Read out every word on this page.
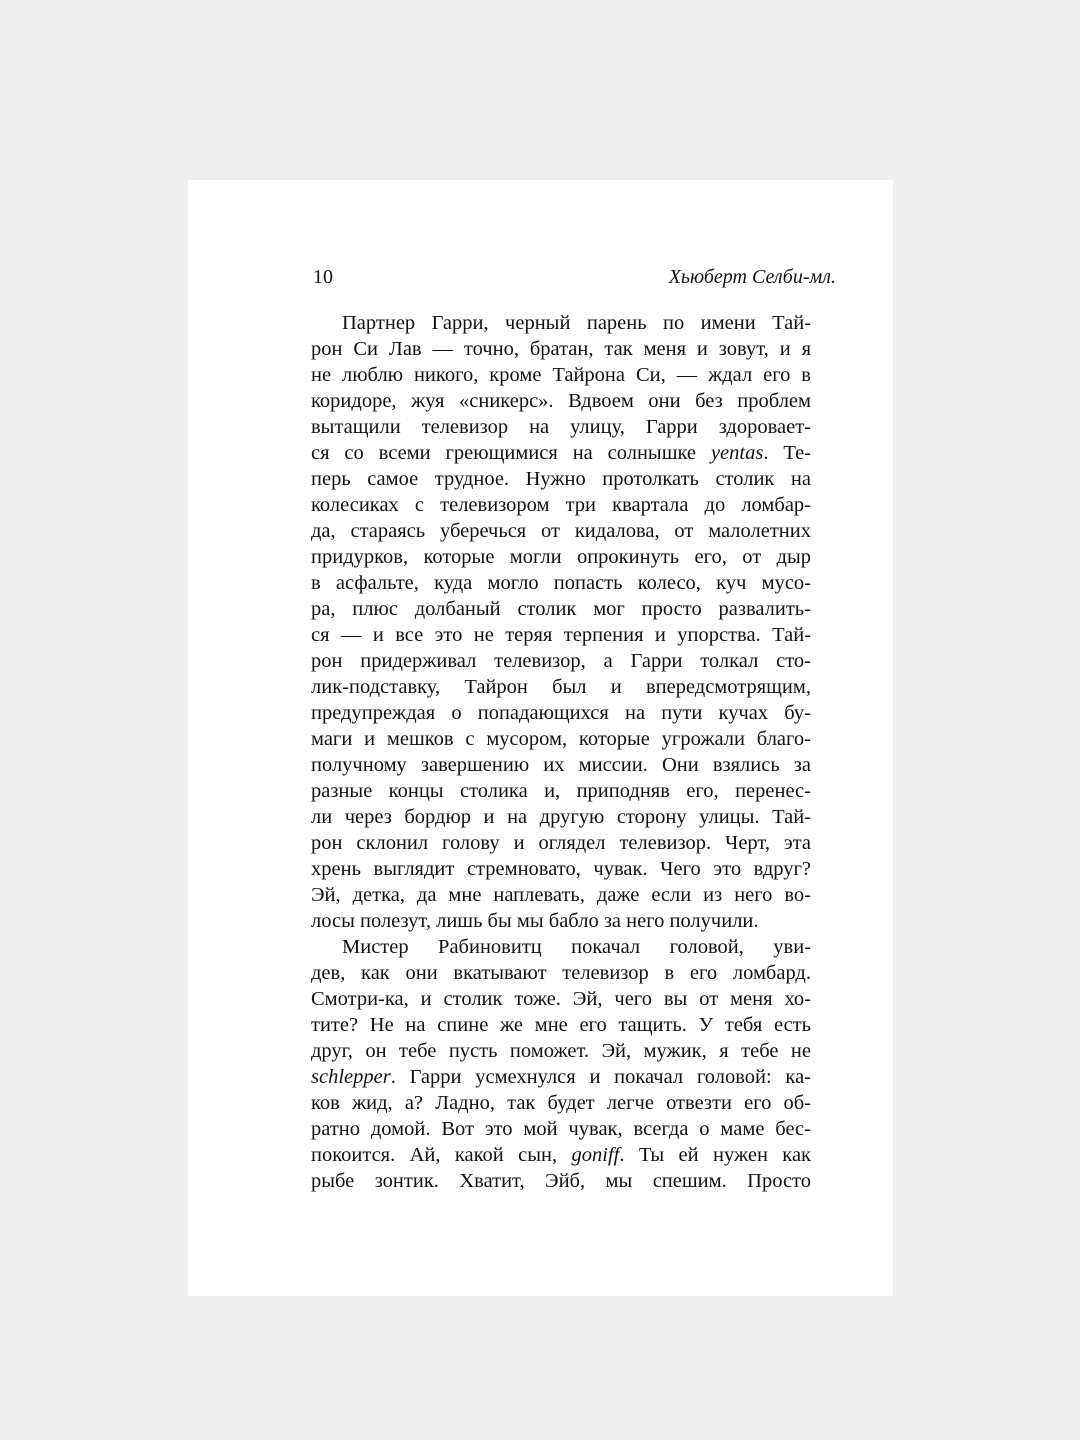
10	Хьюберт Селби-мл.
Партнер Гарри, черный парень по имени Тай-
рон Си Лав — точно, братан, так меня и зовут, и я
не люблю никого, кроме Тайрона Си, — ждал его в
коридоре, жуя «сникерс». Вдвоем они без проблем
вытащили телевизор на улицу, Гарри здоровает-
ся со всеми греющимися на солнышке yentas. Те-
перь самое трудное. Нужно протолкать столик на
колесиках с телевизором три квартала до ломбар-
да, стараясь уберечься от кидалова, от малолетних
придурков, которые могли опрокинуть его, от дыр
в асфальте, куда могло попасть колесо, куч мусо-
ра, плюс долбаный столик мог просто развалить-
ся — и все это не теряя терпения и упорства. Тай-
рон придерживал телевизор, а Гарри толкал сто-
лик-подставку, Тайрон был и впередсмотрящим,
предупреждая о попадающихся на пути кучах бу-
маги и мешков с мусором, которые угрожали благо-
получному завершению их миссии. Они взялись за
разные концы столика и, приподняв его, перенес-
ли через бордюр и на другую сторону улицы. Тай-
рон склонил голову и оглядел телевизор. Черт, эта
хрень выглядит стремновато, чувак. Чего это вдруг?
Эй, детка, да мне наплевать, даже если из него во-
лосы полезут, лишь бы мы бабло за него получили.
Мистер Рабиновитц покачал головой, уви-
дев, как они вкатывают телевизор в его ломбард.
Смотри-ка, и столик тоже. Эй, чего вы от меня хо-
тите? Не на спине же мне его тащить. У тебя есть
друг, он тебе пусть поможет. Эй, мужик, я тебе не
schlepper. Гарри усмехнулся и покачал головой: ка-
ков жид, а? Ладно, так будет легче отвезти его об-
ратно домой. Вот это мой чувак, всегда о маме бес-
покоится. Ай, какой сын, goniff. Ты ей нужен как
рыбе зонтик. Хватит, Эйб, мы спешим. Просто
